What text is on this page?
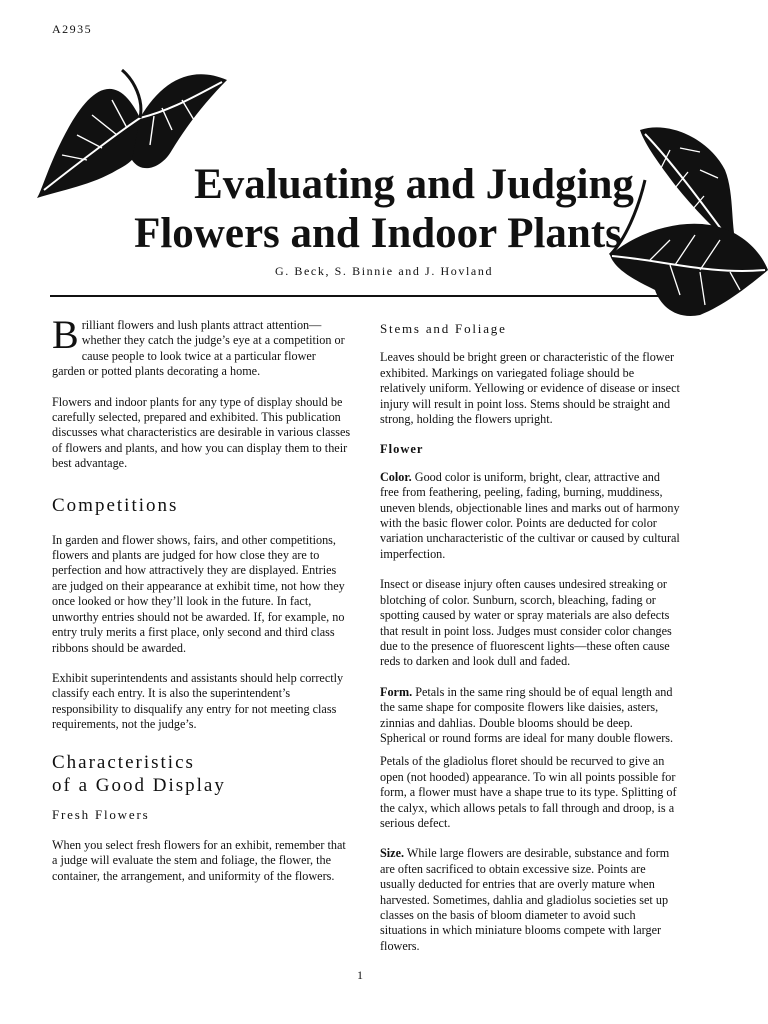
A2935
Evaluating and Judging
Flowers and Indoor Plants
G. Beck, S. Binnie and J. Hovland

Brilliant flowers and lush plants attract attention—whether they catch the judge’s eye at a competition or cause people to look twice at a particular flower garden or potted plants decorating a home.

Flowers and indoor plants for any type of display should be carefully selected, prepared and exhibited. This publication discusses what characteristics are desirable in various classes of flowers and plants, and how you can display them to their best advantage.

Competitions

In garden and flower shows, fairs, and other competitions, flowers and plants are judged for how close they are to perfection and how attractively they are displayed. Entries are judged on their appearance at exhibit time, not how they once looked or how they’ll look in the future. In fact, unworthy entries should not be awarded. If, for example, no entry truly merits a first place, only second and third class ribbons should be awarded.

Exhibit superintendents and assistants should help correctly classify each entry. It is also the superintendent’s responsibility to disqualify any entry for not meeting class requirements, not the judge’s.

Characteristics
of a Good Display
Fresh Flowers

When you select fresh flowers for an exhibit, remember that a judge will evaluate the stem and foliage, the flower, the container, the arrangement, and uniformity of the flowers.

Stems and Foliage

Leaves should be bright green or characteristic of the flower exhibited. Markings on variegated foliage should be relatively uniform. Yellowing or evidence of disease or insect injury will result in point loss. Stems should be straight and strong, holding the flowers upright.

Flower

Color. Good color is uniform, bright, clear, attractive and free from feathering, peeling, fading, burning, muddiness, uneven blends, objectionable lines and marks out of harmony with the basic flower color. Points are deducted for color variation uncharacteristic of the cultivar or caused by cultural imperfection.

Insect or disease injury often causes undesired streaking or blotching of color. Sunburn, scorch, bleaching, fading or spotting caused by water or spray materials are also defects that result in point loss. Judges must consider color changes due to the presence of fluorescent lights—these often cause reds to darken and look dull and faded.

Form. Petals in the same ring should be of equal length and the same shape for composite flowers like daisies, asters, zinnias and dahlias. Double blooms should be deep. Spherical or round forms are ideal for many double flowers.

Petals of the gladiolus floret should be recurved to give an open (not hooded) appearance. To win all points possible for form, a flower must have a shape true to its type. Splitting of the calyx, which allows petals to fall through and droop, is a serious defect.

Size. While large flowers are desirable, substance and form are often sacrificed to obtain excessive size. Points are usually deducted for entries that are overly mature when harvested. Sometimes, dahlia and gladiolus societies set up classes on the basis of bloom diameter to avoid such situations in which miniature blooms compete with larger flowers.

1
